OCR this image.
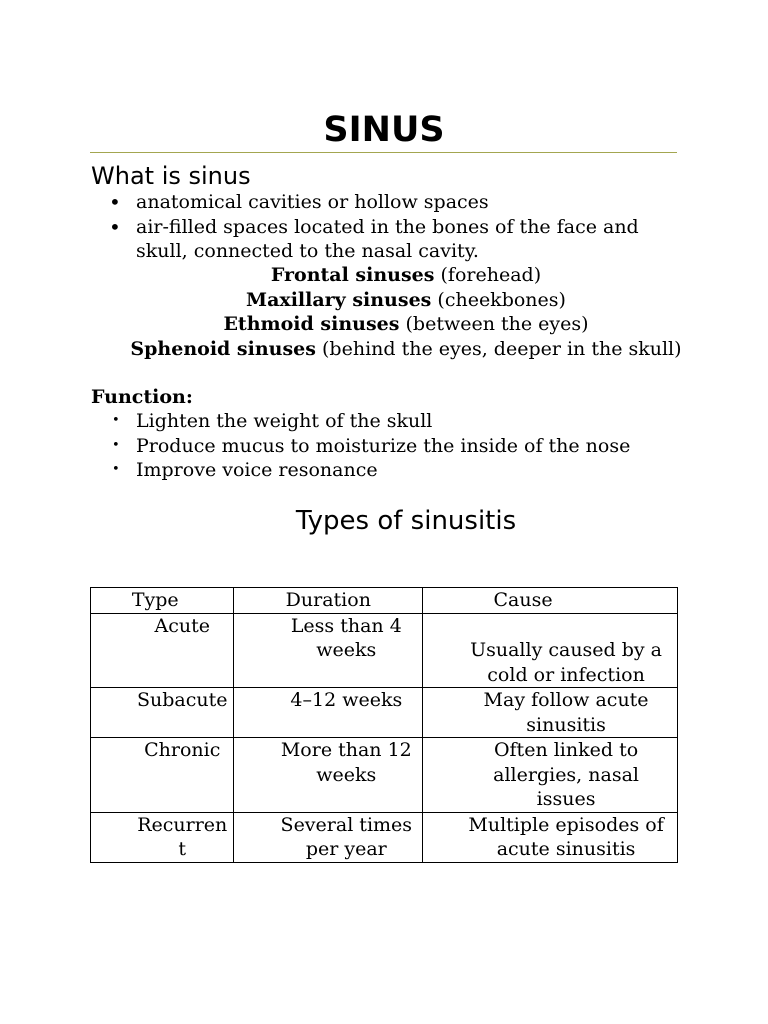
SINUS
What is sinus
• anatomical cavities or hollow spaces
• air-filled spaces located in the bones of the face and skull, connected to the nasal cavity.
Frontal sinuses (forehead)
Maxillary sinuses (cheekbones)
Ethmoid sinuses (between the eyes)
Sphenoid sinuses (behind the eyes, deeper in the skull)
Function:
• Lighten the weight of the skull
• Produce mucus to moisturize the inside of the nose
• Improve voice resonance
Types of sinusitis
Type	Duration	Cause
Acute	Less than 4 weeks	Usually caused by a cold or infection
Subacute	4–12 weeks	May follow acute sinusitis
Chronic	More than 12 weeks	Often linked to allergies, nasal issues
Recurrent	Several times per year	Multiple episodes of acute sinusitis
